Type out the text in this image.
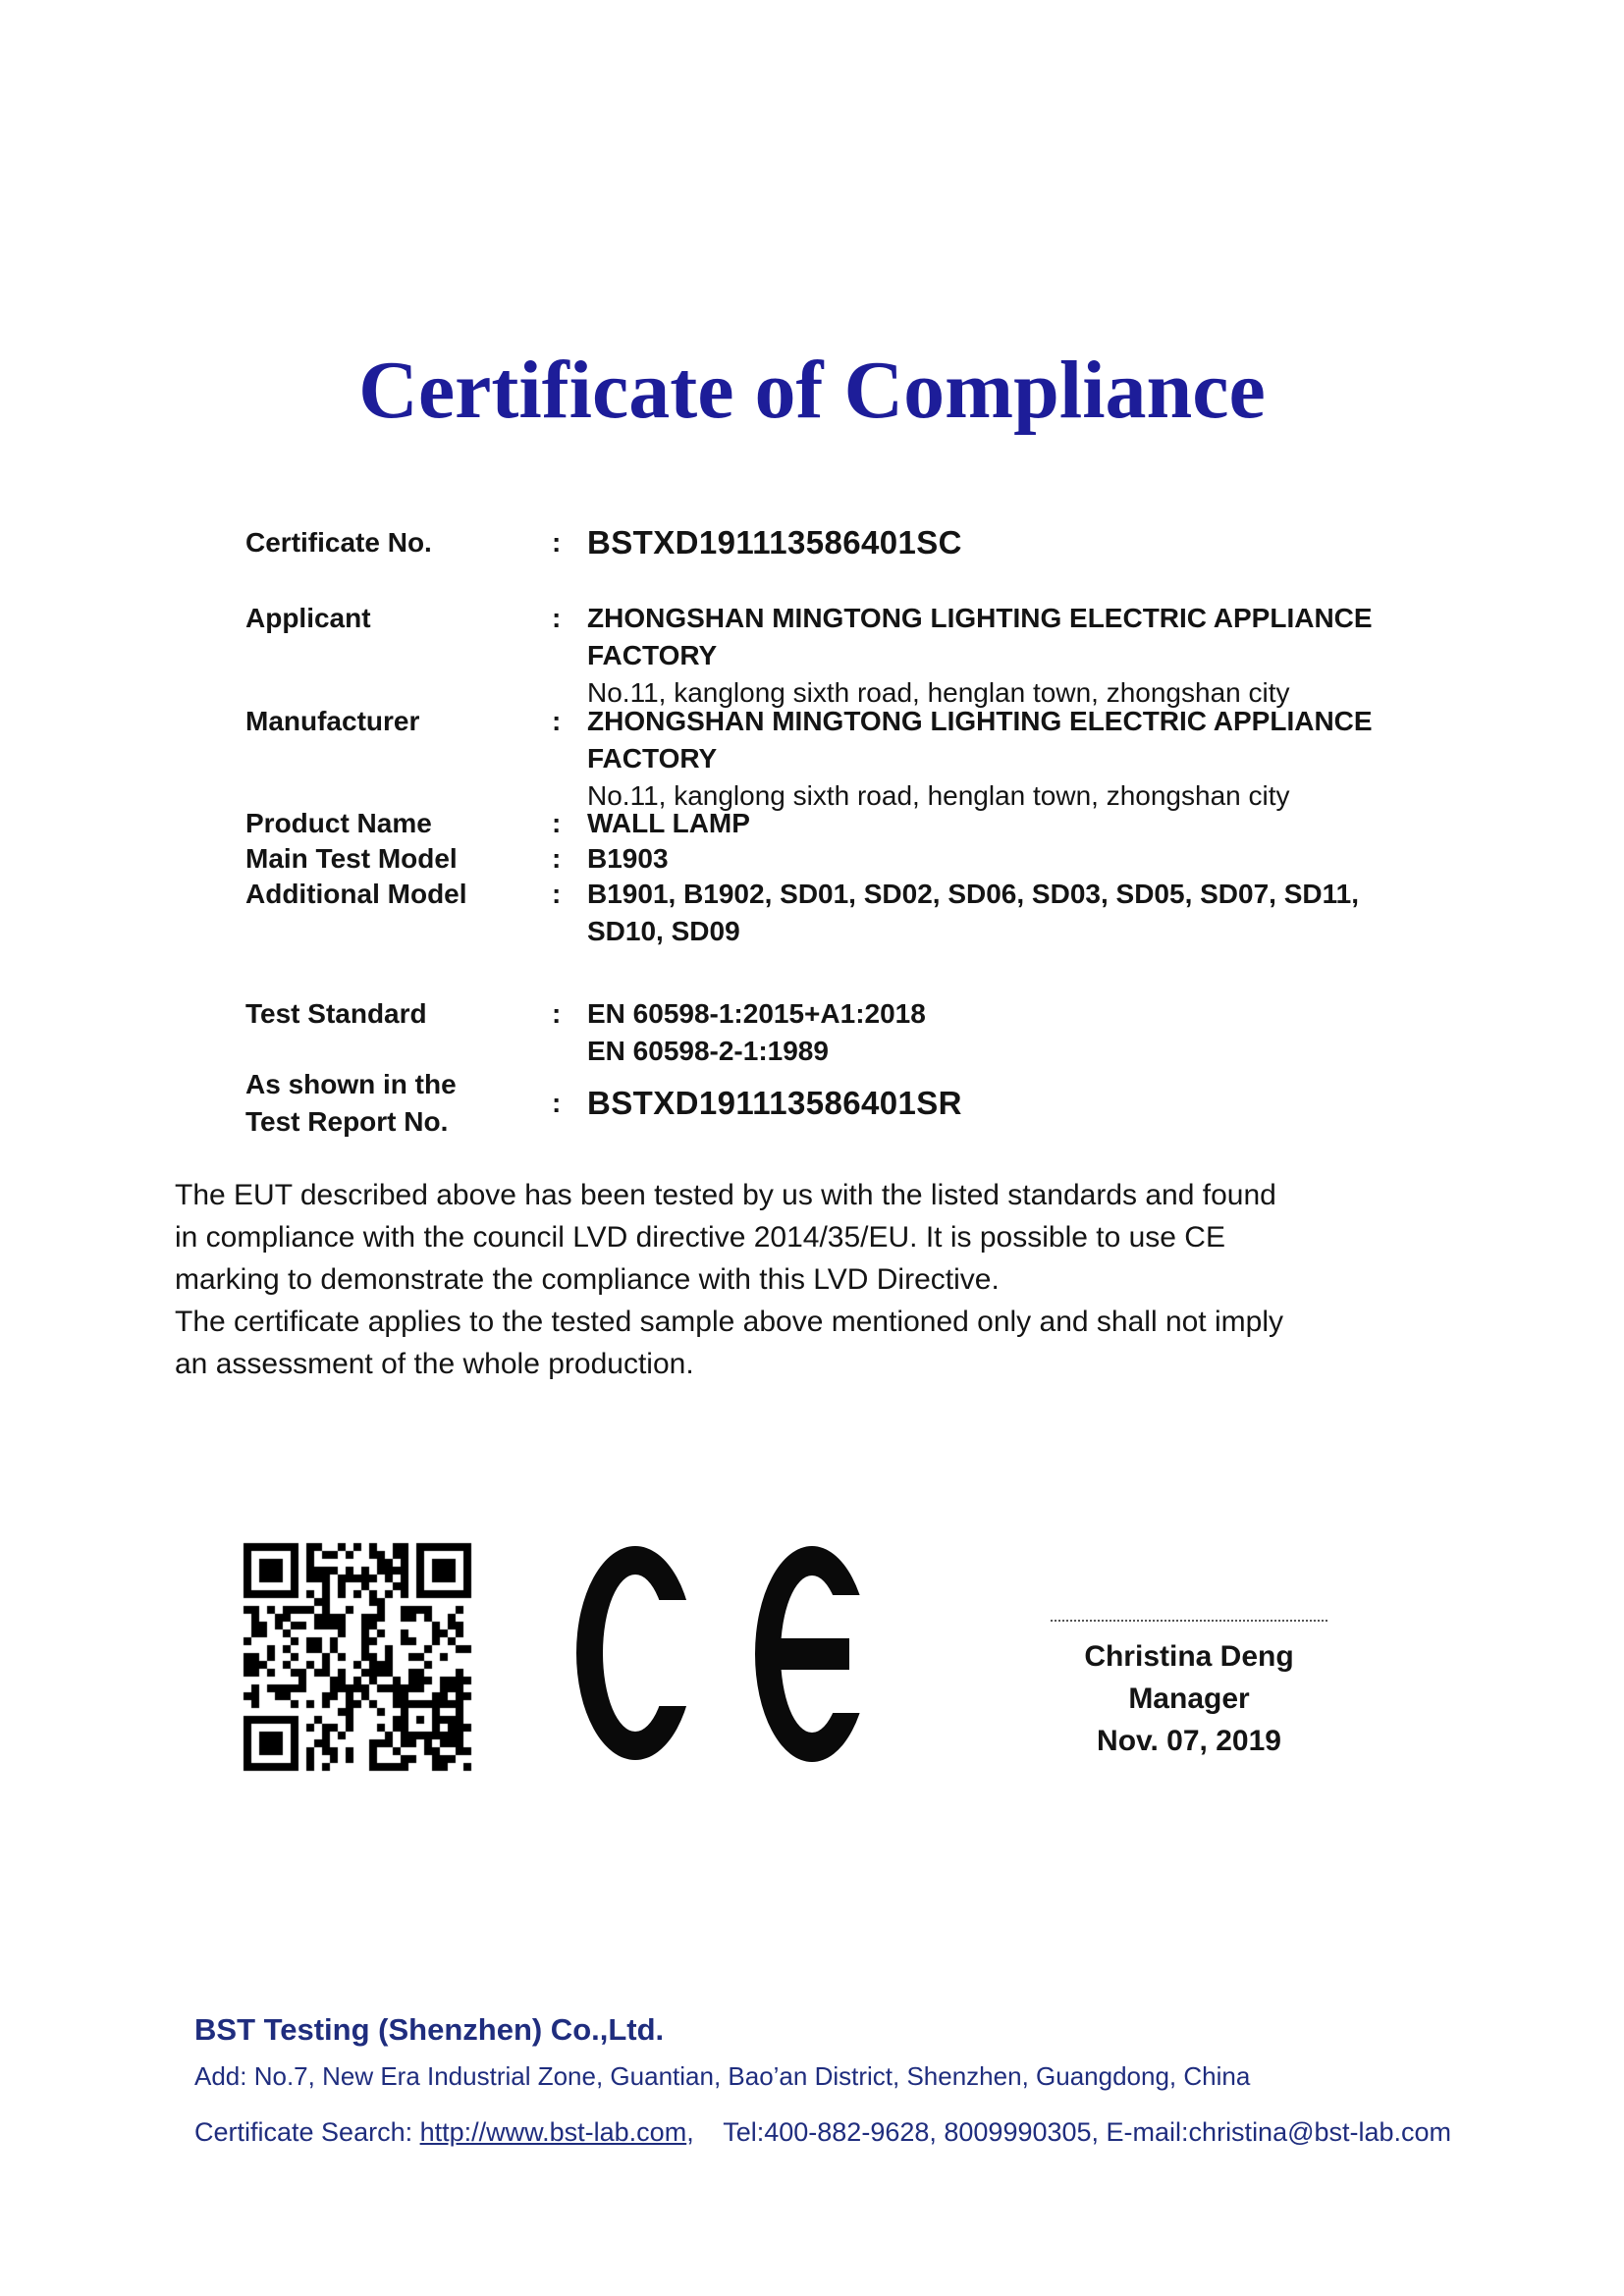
Certificate of Compliance
Certificate No.	: BSTXD191113586401SC
Applicant	: ZHONGSHAN MINGTONG LIGHTING ELECTRIC APPLIANCE
FACTORY
No.11, kanglong sixth road, henglan town, zhongshan city
Manufacturer	: ZHONGSHAN MINGTONG LIGHTING ELECTRIC APPLIANCE
FACTORY
No.11, kanglong sixth road, henglan town, zhongshan city
Product Name	: WALL LAMP
Main Test Model	: B1903
Additional Model	: B1901, B1902, SD01, SD02, SD06, SD03, SD05, SD07, SD11,
SD10, SD09
Test Standard	: EN 60598-1:2015+A1:2018
EN 60598-2-1:1989
As shown in the
Test Report No.
: BSTXD191113586401SR
The EUT described above has been tested by us with the listed standards and found
in compliance with the council LVD directive 2014/35/EU. It is possible to use CE
marking to demonstrate the compliance with this LVD Directive.
The certificate applies to the tested sample above mentioned only and shall not imply
an assessment of the whole production.
Christina Deng
Manager
Nov. 07, 2019
BST Testing (Shenzhen) Co.,Ltd.
Add: No.7, New Era Industrial Zone, Guantian, Bao’an District, Shenzhen, Guangdong, China
Certificate Search: http://www.bst-lab.com,    Tel:400-882-9628, 8009990305, E-mail:christina@bst-lab.com
